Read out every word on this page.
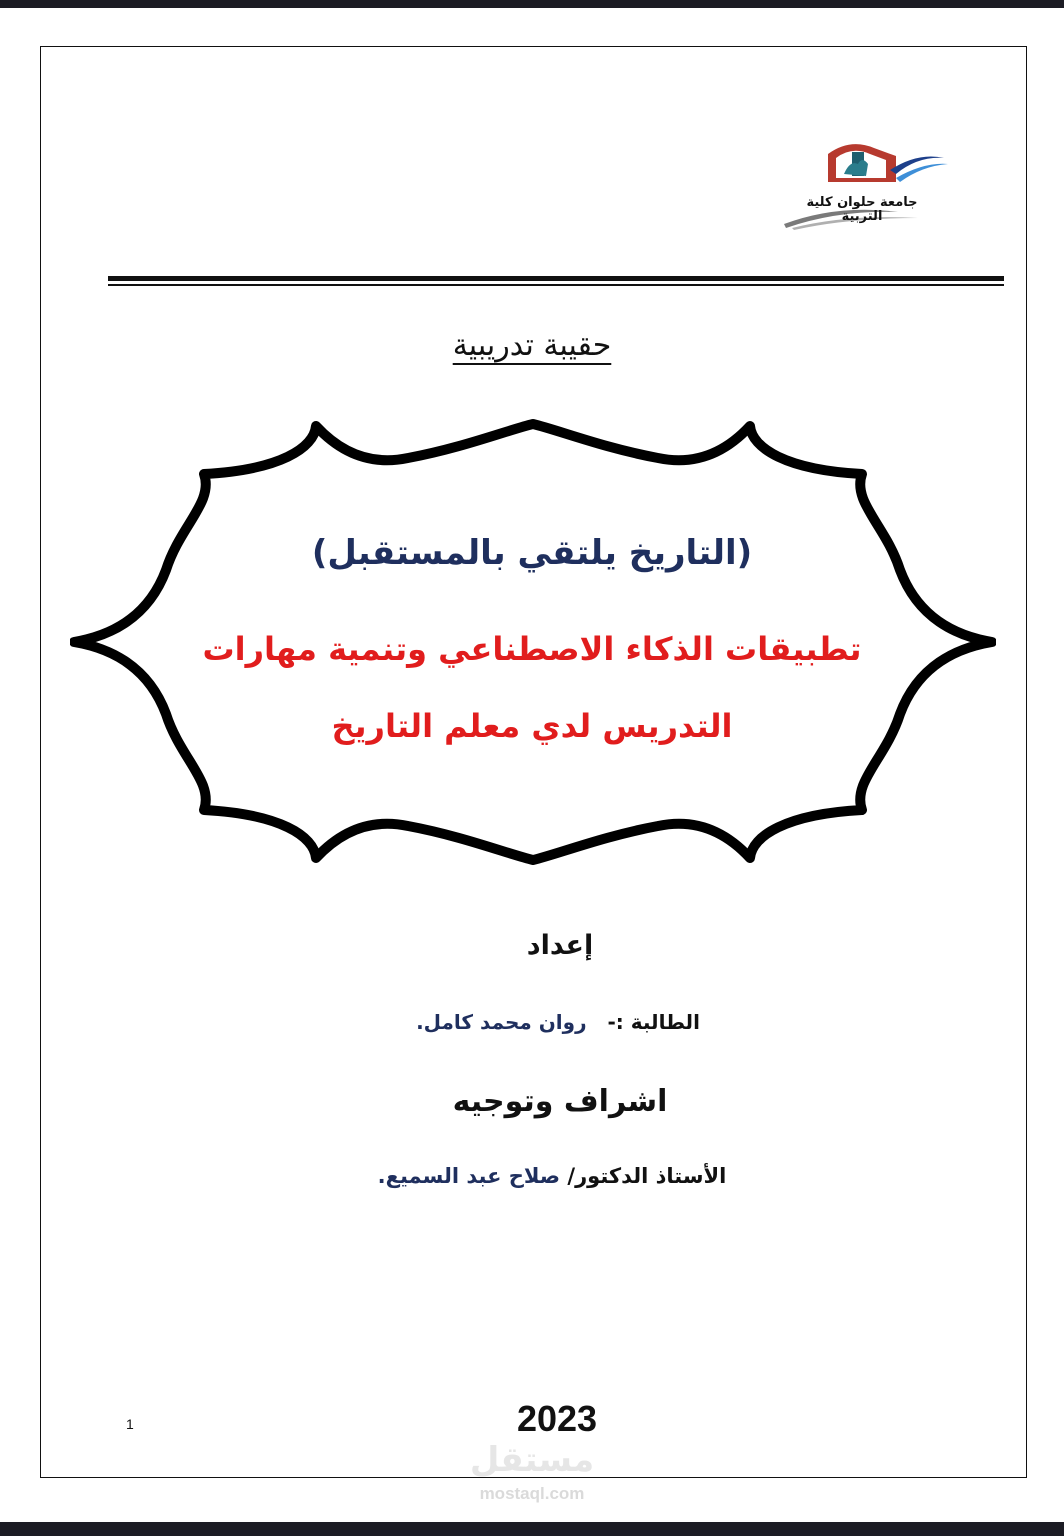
جامعة حلوان كلية التربية
حقيبة تدريبية
(التاريخ يلتقي بالمستقبل)
تطبيقات الذكاء الاصطناعي وتنمية مهارات
التدريس لدي معلم التاريخ
إعداد
الطالبة :-   روان محمد كامل.
اشراف وتوجيه
الأستاذ الدكتور/ صلاح عبد السميع.
2023
1
مستقل
mostaql.com
